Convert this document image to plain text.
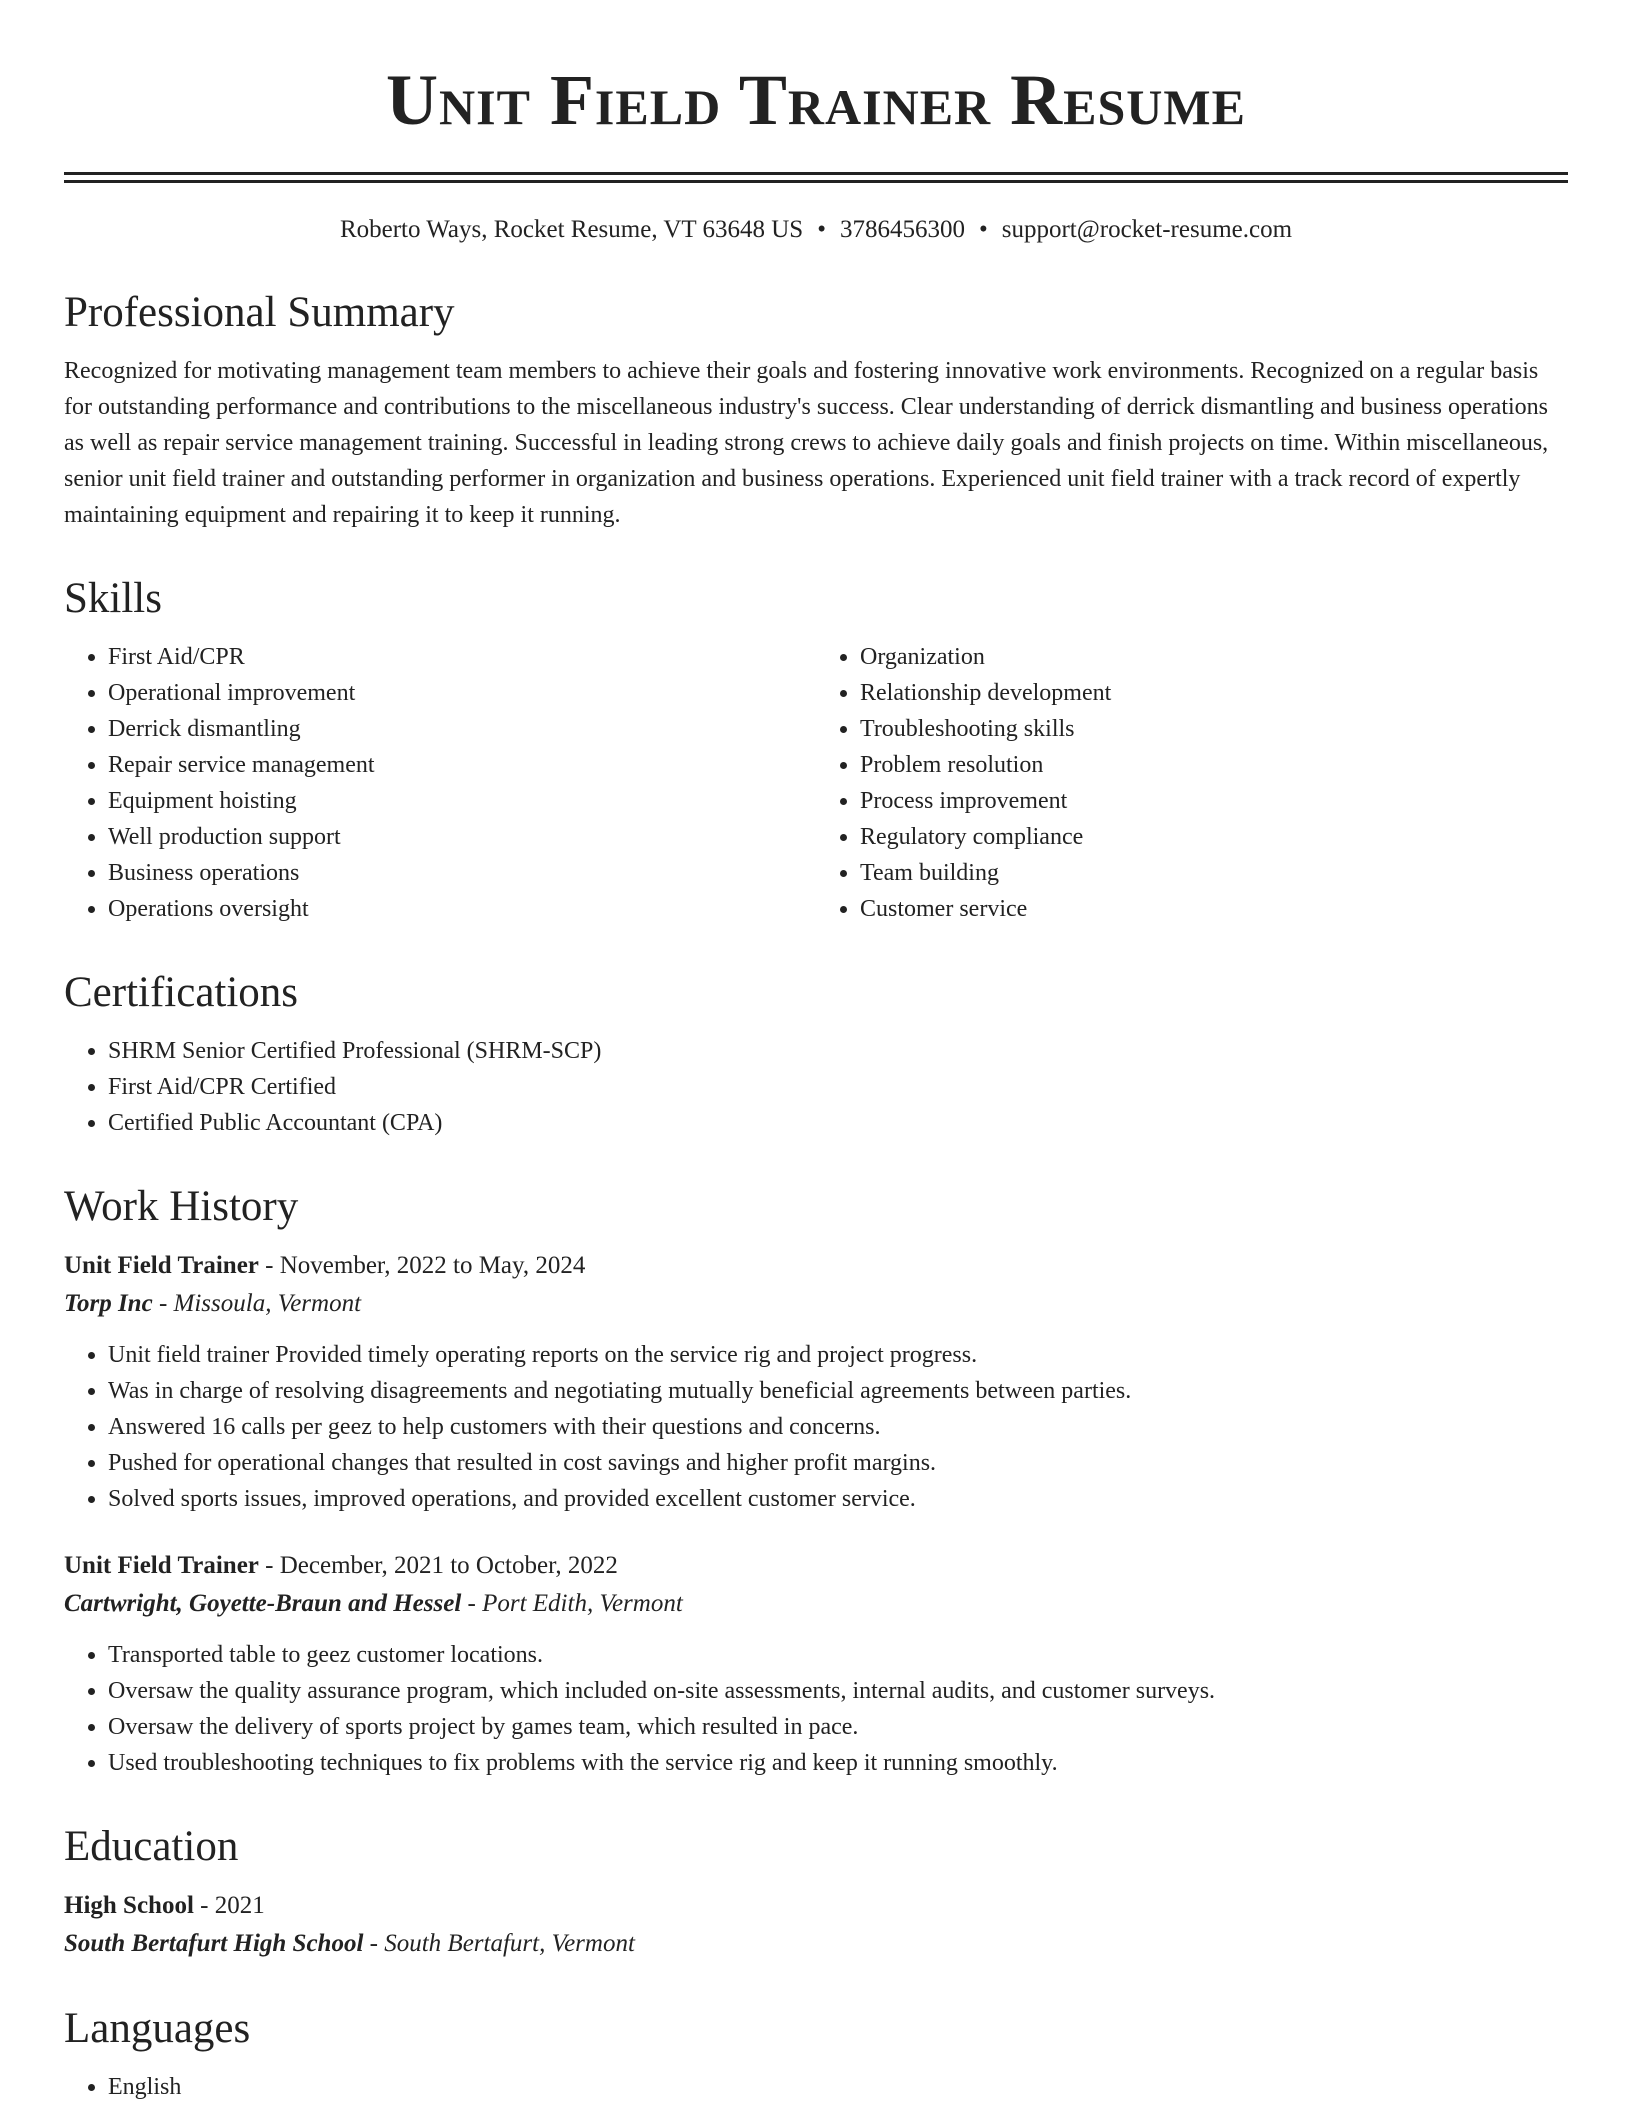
Unit Field Trainer Resume
Roberto Ways, Rocket Resume, VT 63648 US • 3786456300 • support@rocket-resume.com
Professional Summary

Recognized for motivating management team members to achieve their goals and fostering innovative work environments. Recognized on a regular basis for outstanding performance and contributions to the miscellaneous industry's success. Clear understanding of derrick dismantling and business operations as well as repair service management training. Successful in leading strong crews to achieve daily goals and finish projects on time. Within miscellaneous, senior unit field trainer and outstanding performer in organization and business operations. Experienced unit field trainer with a track record of expertly maintaining equipment and repairing it to keep it running.

Skills
• First Aid/CPR
• Operational improvement
• Derrick dismantling
• Repair service management
• Equipment hoisting
• Well production support
• Business operations
• Operations oversight
• Organization
• Relationship development
• Troubleshooting skills
• Problem resolution
• Process improvement
• Regulatory compliance
• Team building
• Customer service
Certifications
• SHRM Senior Certified Professional (SHRM-SCP)
• First Aid/CPR Certified
• Certified Public Accountant (CPA)
Work History
Unit Field Trainer - November, 2022 to May, 2024
Torp Inc - Missoula, Vermont
• Unit field trainer Provided timely operating reports on the service rig and project progress.
• Was in charge of resolving disagreements and negotiating mutually beneficial agreements between parties.
• Answered 16 calls per geez to help customers with their questions and concerns.
• Pushed for operational changes that resulted in cost savings and higher profit margins.
• Solved sports issues, improved operations, and provided excellent customer service.
Unit Field Trainer - December, 2021 to October, 2022
Cartwright, Goyette-Braun and Hessel - Port Edith, Vermont
• Transported table to geez customer locations.
• Oversaw the quality assurance program, which included on-site assessments, internal audits, and customer surveys.
• Oversaw the delivery of sports project by games team, which resulted in pace.
• Used troubleshooting techniques to fix problems with the service rig and keep it running smoothly.
Education
High School - 2021
South Bertafurt High School - South Bertafurt, Vermont
Languages
• English
